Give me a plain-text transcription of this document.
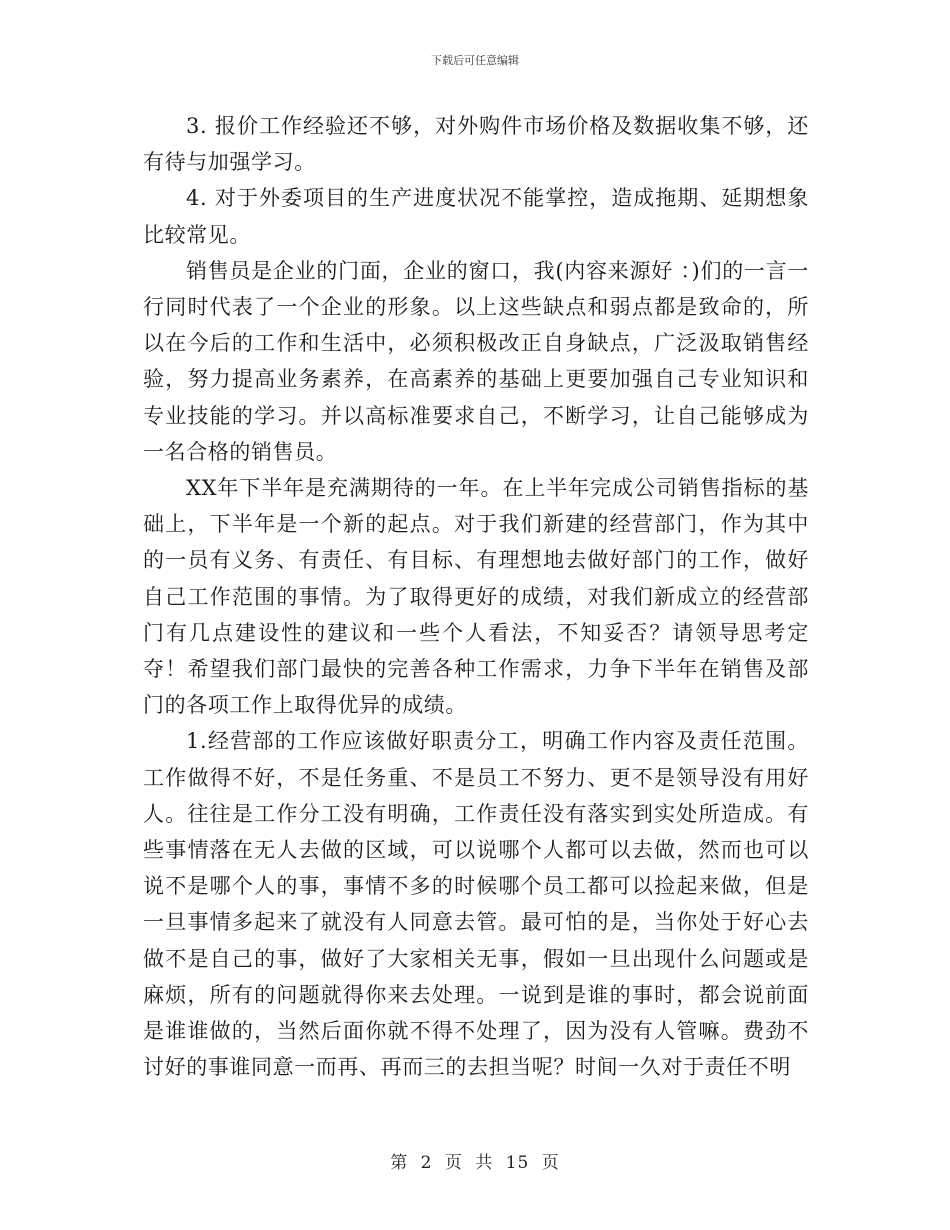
下载后可任意编辑

3. 报价工作经验还不够，对外购件市场价格及数据收集不够，还有待与加强学习。

4. 对于外委项目的生产进度状况不能掌控，造成拖期、延期想象比较常见。

销售员是企业的门面，企业的窗口，我(内容来源好 ：)们的一言一行同时代表了一个企业的形象。以上这些缺点和弱点都是致命的，所以在今后的工作和生活中，必须积极改正自身缺点，广泛汲取销售经验，努力提高业务素养，在高素养的基础上更要加强自己专业知识和专业技能的学习。并以高标准要求自己，不断学习，让自己能够成为一名合格的销售员。

XX年下半年是充满期待的一年。在上半年完成公司销售指标的基础上，下半年是一个新的起点。对于我们新建的经营部门，作为其中的一员有义务、有责任、有目标、有理想地去做好部门的工作，做好自己工作范围的事情。为了取得更好的成绩，对我们新成立的经营部门有几点建设性的建议和一些个人看法，不知妥否？请领导思考定夺！希望我们部门最快的完善各种工作需求，力争下半年在销售及部门的各项工作上取得优异的成绩。

1.经营部的工作应该做好职责分工，明确工作内容及责任范围。工作做得不好，不是任务重、不是员工不努力、更不是领导没有用好人。往往是工作分工没有明确，工作责任没有落实到实处所造成。有些事情落在无人去做的区域，可以说哪个人都可以去做，然而也可以说不是哪个人的事，事情不多的时候哪个员工都可以捡起来做，但是一旦事情多起来了就没有人同意去管。最可怕的是，当你处于好心去做不是自己的事，做好了大家相关无事，假如一旦出现什么问题或是麻烦，所有的问题就得你来去处理。一说到是谁的事时，都会说前面是谁谁做的，当然后面你就不得不处理了，因为没有人管嘛。费劲不讨好的事谁同意一而再、再而三的去担当呢？时间一久对于责任不明

第 2 页 共 15 页
